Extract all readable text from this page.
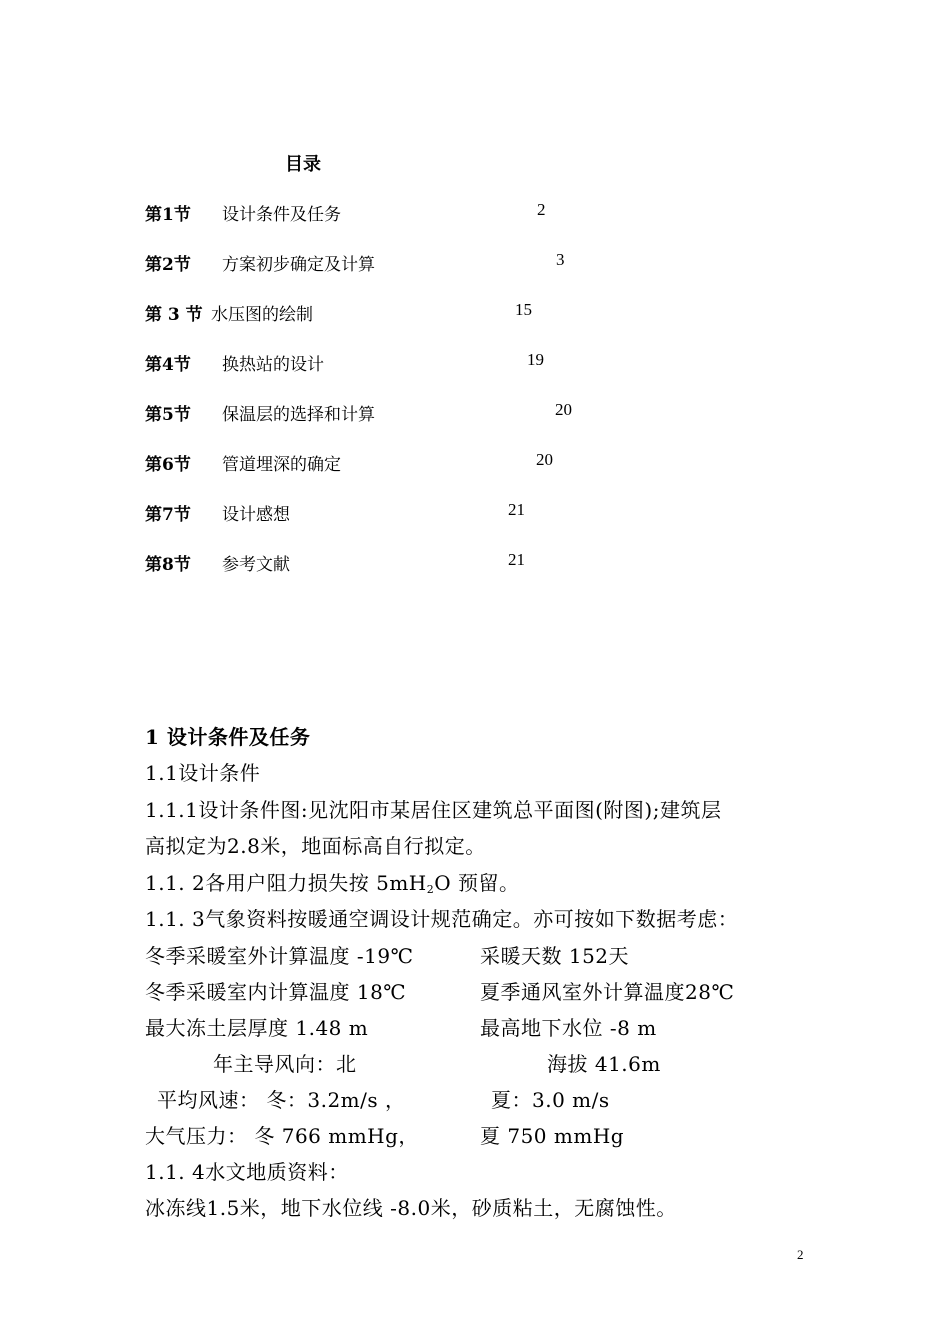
目录
第1节 设计条件及任务	2
第2节 方案初步确定及计算	3
第 3 节 水压图的绘制	15
第4节 换热站的设计	19
第5节 保温层的选择和计算	20
第6节 管道埋深的确定	20
第7节 设计感想	21
第8节 参考文献	21
1 设计条件及任务
1.1设计条件
1.1.1设计条件图:见沈阳市某居住区建筑总平面图(附图);建筑层
高拟定为2.8米，地面标高自行拟定。
1.1. 2各用户阻力损失按 $5mH_2O$ 预留。
1.1. 3气象资料按暖通空调设计规范确定。亦可按如下数据考虑：
冬季采暖室外计算温度 -19℃	采暖天数 152天
冬季采暖室内计算温度 18℃	夏季通风室外计算温度28℃
最大冻土层厚度 1.48 m	最高地下水位 -8 m
年主导风向：北	海拔 41.6m
平均风速： 冬：3.2m/s ，	夏：3.0 m/s
大气压力： 冬 766 mmHg，	夏 750 mmHg
1.1. 4水文地质资料：
冰冻线1.5米，地下水位线 -8.0米，砂质粘土，无腐蚀性。
2
